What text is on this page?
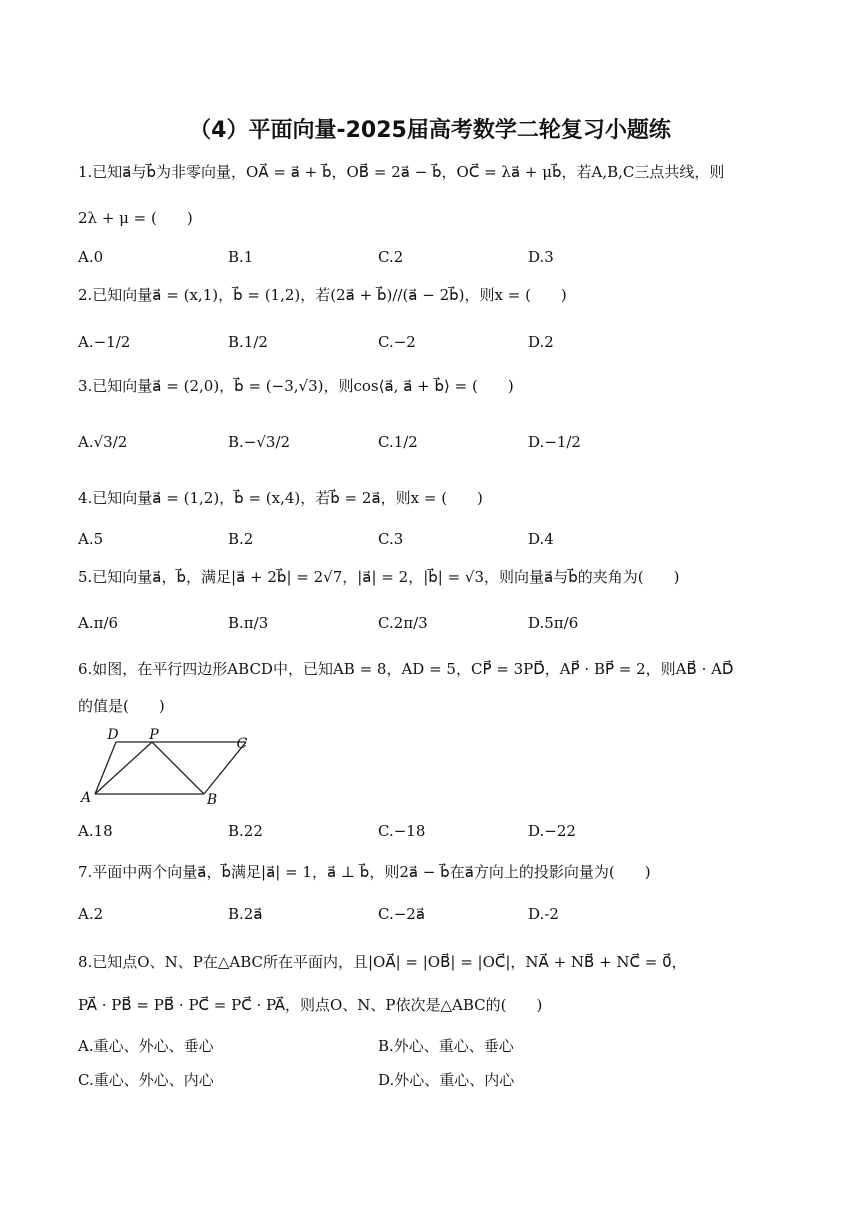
（4）平面向量-2025届高考数学二轮复习小题练
1.已知a⃗与b⃗为非零向量，OA⃗ = a⃗ + b⃗，OB⃗ = 2a⃗ − b⃗，OC⃗ = λa⃗ + μb⃗，若A,B,C三点共线，则
2λ + μ = (　　)
A.0	B.1	C.2	D.3
2.已知向量a⃗ = (x,1)，b⃗ = (1,2)，若(2a⃗ + b⃗)//(a⃗ − 2b⃗)，则x = (　　)
A.−1/2	B.1/2	C.−2	D.2
3.已知向量a⃗ = (2,0)，b⃗ = (−3,√3)，则cos⟨a⃗, a⃗ + b⃗⟩ = (　　)
A.√3/2	B.−√3/2	C.1/2	D.−1/2
4.已知向量a⃗ = (1,2)，b⃗ = (x,4)，若b⃗ = 2a⃗，则x = (　　)
A.5	B.2	C.3	D.4
5.已知向量a⃗，b⃗，满足|a⃗ + 2b⃗| = 2√7，|a⃗| = 2，|b⃗| = √3，则向量a⃗与b⃗的夹角为(　　)
A.π/6	B.π/3	C.2π/3	D.5π/6
6.如图，在平行四边形ABCD中，已知AB = 8，AD = 5，CP⃗ = 3PD⃗，AP⃗ · BP⃗ = 2，则AB⃗ · AD⃗
的值是(　　)
D P
C
A	B
A.18	B.22	C.−18	D.−22
7.平面中两个向量a⃗，b⃗满足|a⃗| = 1，a⃗ ⊥ b⃗，则2a⃗ − b⃗在a⃗方向上的投影向量为(　　)
A.2	B.2a⃗	C.−2a⃗	D.-2
8.已知点O、N、P在△ABC所在平面内，且|OA⃗| = |OB⃗| = |OC⃗|，NA⃗ + NB⃗ + NC⃗ = 0⃗，
PA⃗ · PB⃗ = PB⃗ · PC⃗ = PC⃗ · PA⃗，则点O、N、P依次是△ABC的(　　)
A.重心、外心、垂心	B.外心、重心、垂心
C.重心、外心、内心	D.外心、重心、内心
